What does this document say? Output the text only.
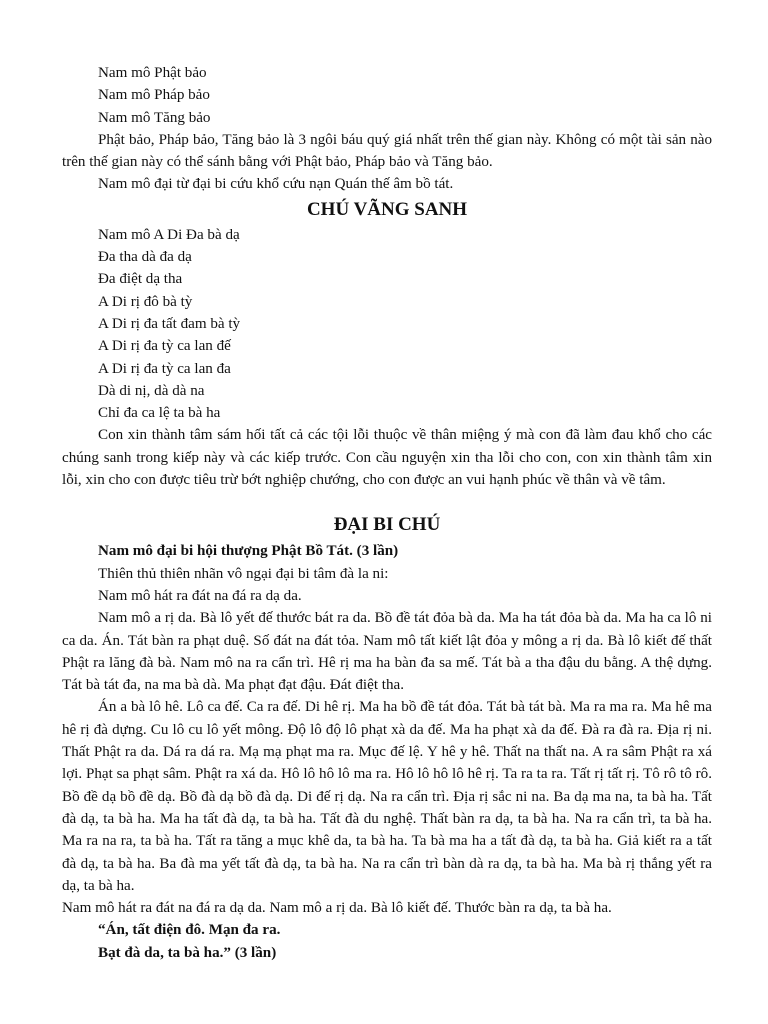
Nam mô Phật bảo
Nam mô Pháp bảo
Nam mô Tăng bảo
Phật bảo, Pháp bảo, Tăng bảo là 3 ngôi báu quý giá nhất trên thế gian này. Không có một tài sản nào trên thế gian này có thể sánh bằng với Phật bảo, Pháp bảo và Tăng bảo.
Nam mô đại từ đại bi cứu khổ cứu nạn Quán thế âm bồ tát.
CHÚ VÃNG SANH
Nam mô A Di Đa bà dạ
Đa tha dà đa dạ
Đa điệt dạ tha
A Di rị đô bà tỳ
A Di rị đa tất đam bà tỳ
A Di rị đa tỳ ca lan đế
A Di rị đa tỳ ca lan đa
Dà di nị, dà dà na
Chỉ đa ca lệ ta bà ha
Con xin thành tâm sám hối tất cả các tội lỗi thuộc về thân miệng ý mà con đã làm đau khổ cho các chúng sanh trong kiếp này và các kiếp trước. Con cầu nguyện xin tha lỗi cho con, con xin thành tâm xin lỗi, xin cho con được tiêu trừ bớt nghiệp chướng, cho con được an vui hạnh phúc về thân và về tâm.
ĐẠI BI CHÚ
Nam mô đại bi hội thượng Phật Bồ Tát. (3 lần)
Thiên thủ thiên nhãn vô ngại đại bi tâm đà la ni:
Nam mô hát ra đát na đá ra dạ da.
Nam mô a rị da. Bà lô yết đế thước bát ra da. Bồ đề tát đỏa bà da. Ma ha tát đỏa bà da. Ma ha ca lô ni ca da. Án. Tát bàn ra phạt duệ. Số đát na đát tỏa. Nam mô tất kiết lật đỏa y mông a rị da. Bà lô kiết đế thất Phật ra lăng đà bà. Nam mô na ra cẩn trì. Hê rị ma ha bàn đa sa mế. Tát bà a tha đậu du bằng. A thệ dựng. Tát bà tát đa, na ma bà dà. Ma phạt đạt đậu. Đát điệt tha.
Án a bà lô hê. Lô ca đế. Ca ra đế. Di hê rị. Ma ha bồ đề tát đỏa. Tát bà tát bà. Ma ra ma ra. Ma hê ma hê rị đà dựng. Cu lô cu lô yết mông. Độ lô độ lô phạt xà da đế. Ma ha phạt xà da đế. Đà ra đà ra. Địa rị ni. Thất Phật ra da. Dá ra dá ra. Mạ mạ phạt ma ra. Mục đế lệ. Y hê y hê. Thất na thất na. A ra sâm Phật ra xá lợi. Phạt sa phạt sâm. Phật ra xá da. Hô lô hô lô ma ra. Hô lô hô lô hê rị. Ta ra ta ra. Tất rị tất rị. Tô rô tô rô. Bồ đề dạ bồ đề dạ. Bồ đà dạ bồ đà dạ. Di đế rị dạ. Na ra cẩn trì. Địa rị sắc ni na. Ba dạ ma na, ta bà ha. Tất đà dạ, ta bà ha. Ma ha tất đà dạ, ta bà ha. Tất đà du nghệ. Thất bàn ra dạ, ta bà ha. Na ra cẩn trì, ta bà ha. Ma ra na ra, ta bà ha. Tất ra tăng a mục khê da, ta bà ha. Ta bà ma ha a tất đà dạ, ta bà ha. Giả kiết ra a tất đà dạ, ta bà ha. Ba đà ma yết tất đà dạ, ta bà ha. Na ra cẩn trì bàn dà ra dạ, ta bà ha. Ma bà rị thắng yết ra dạ, ta bà ha.
Nam mô hát ra đát na đá ra dạ da. Nam mô a rị da. Bà lô kiết đế. Thước bàn ra dạ, ta bà ha.
“Án, tất điện đô. Mạn đa ra.
Bạt đà da, ta bà ha.” (3 lần)
